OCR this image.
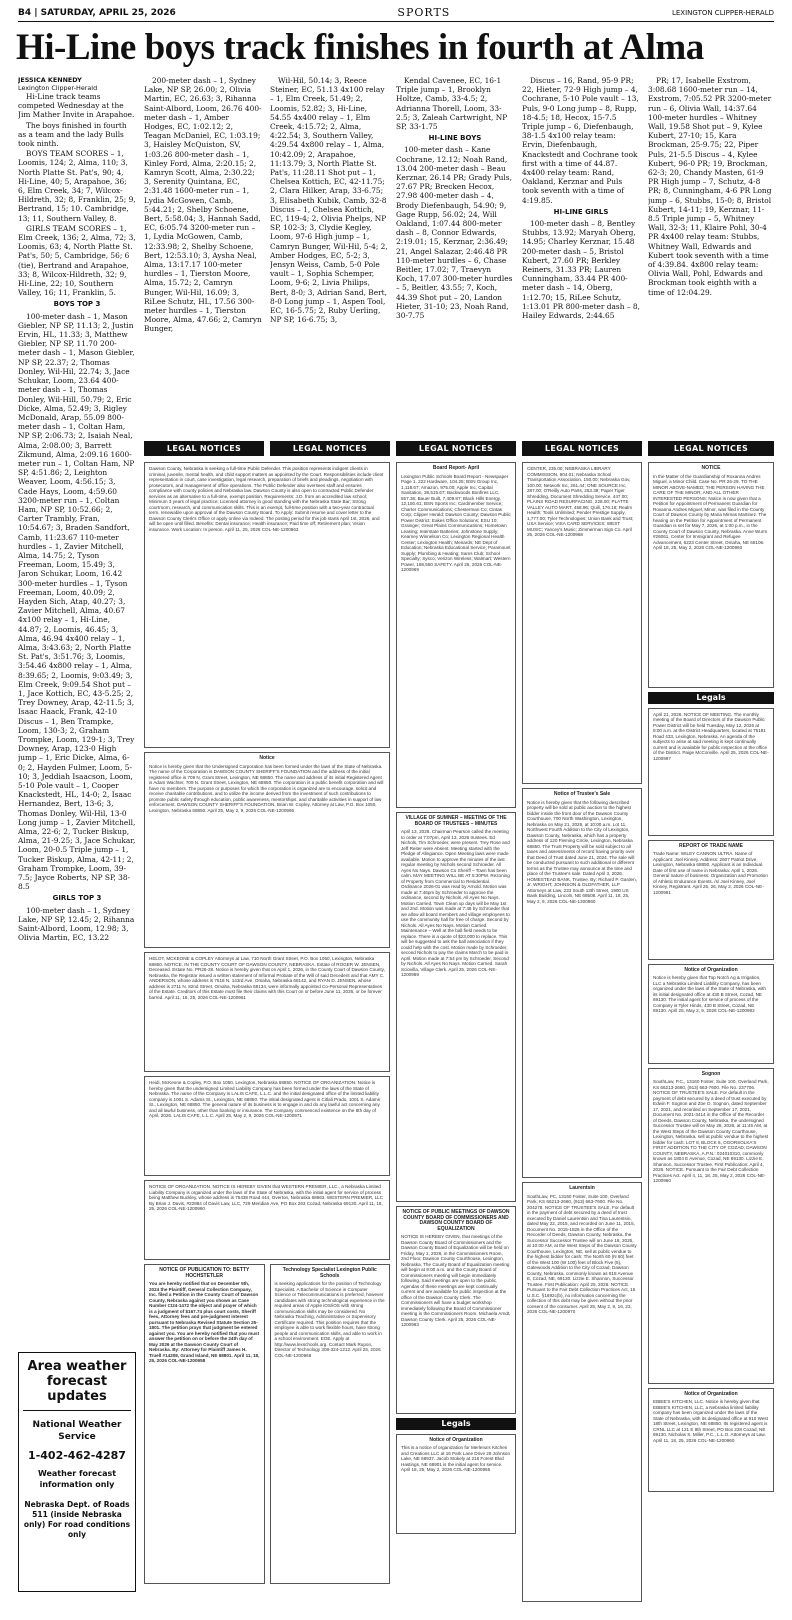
B4 | SATURDAY, APRIL 25, 2026	SPORTS	LEXINGTON CLIPPER-HERALD
Hi-Line boys track finishes in fourth at Alma
JESSICA KENNEDY
Lexington Clipper-Herald

Hi-Line track teams competed Wednesday at the Jim Mather Invite in Arapahoe.

The boys finished in fourth as a team and the lady Bulls took ninth.

BOYS TEAM SCORES – 1, Loomis, 124; 2, Alma, 110; 3, North Platte St. Pat's, 90; 4, Hi-Line, 40; 5, Arapahoe, 36; 6, Elm Creek, 34; 7, Wilcox-Hildreth, 32; 8, Franklin, 25; 9, Bertrand, 15; 10. Cambridge, 13; 11, Southern Valley, 8.

GIRLS TEAM SCORES – 1, Elm Creek, 136; 2, Alma, 72; 3, Loomis, 63; 4, North Platte St. Pat's, 50; 5, Cambridge, 56; 6 (tie), Bertrand and Arapahoe, 33; 8, Wilcox-Hildreth, 32; 9, Hi-Line, 22; 10, Southern Valley, 16; 11, Franklin, 5.

BOYS TOP 3

100-meter dash – 1, Mason Giebler, NP SP, 11.13; 2, Justin Ervin, HL, 11.33; 3, Matthew Giebler, NP SP, 11.70 200-meter dash – 1, Mason Giebler, NP SP, 22.37; 2, Thomas Donley, Wil-Hil, 22.74; 3, Jace Schukar, Loom, 23.64 400-meter dash – 1, Thomas Donley, Wil-Hill, 50.79; 2, Eric Dicke, Alma, 52.49; 3, Rigley McDonald, Arap, 55.09 800-meter dash – 1, Coltan Ham, NP SP, 2:06.73; 2, Isaiah Neal, Alma, 2:08.00; 3, Barrett Zikmund, Alma, 2:09.16 1600-meter run – 1, Coltan Ham, NP SP, 4:51.86; 2, Leighton Weaver, Loom, 4:56.15; 3, Cade Hays, Loom, 4:59.60 3200-meter run – 1, Coltan Ham, NP SP, 10:52.66; 2, Carter Trambly, Fran, 10:54.67; 3, Braden Sandfort, Camb, 11:23.67 110-meter hurdles – 1, Zavier Mitchell, Alma, 14.75; 2, Tyson Freeman, Loom, 15.49; 3, Jaron Schukar, Loom, 16.42 300-meter hurdles – 1, Tyson Freeman, Loom, 40.09; 2, Hayden Sich, Atap, 40.27; 3, Zavier Mitchell, Alma, 40.67 4x100 relay – 1, Hi-Line, 44.87; 2, Loomis, 46.45; 3, Alma, 46.94 4x400 relay – 1, Alma, 3:43.63; 2, North Platte St. Pat's, 3:51.76; 3, Loomis, 3:54.46 4x800 relay – 1, Alma, 8:39.65; 2, Loomis, 9:03.49; 3, Elm Creek, 9:09.54 Shot put – 1, Jace Kottich, EC, 43-5.25; 2, Trey Downey, Arap, 42-11.5; 3, Isaac Haack, Frank, 42-10 Discus – 1, Ben Trampke, Loom, 130-3; 2, Graham Trompke, Loom, 129-1; 3, Trey Downey, Arap, 123-0 High jump – 1, Eric Dicke, Alma, 6-0; 2, Hayden Fulmer, Loom, 5-10; 3, Jeddiah Isaacson, Loom, 5-10 Pole vault – 1, Cooper Knackstedt, HL, 14-0; 2, Isaac Hernandez, Bert, 13-6; 3, Thomas Donley, Wil-Hil, 13-0 Long jump – 1, Zavier Mitchell, Alma, 22-6; 2, Tucker Biskup, Alma, 21-9.25; 3, Jace Schukar, Loom, 20-0.5 Triple jump – 1, Tucker Biskup, Alma, 42-11; 2, Graham Trompke, Loom, 39-7.5; Jayce Roberts, NP SP, 38-8.5

GIRLS TOP 3

100-meter dash – 1, Sydney Lake, NP SP, 12.45; 2, Rihanna Saint-Albord, Loom, 12.98; 3, Olivia Martin, EC, 13.22

200-meter dash – 1, Sydney Lake, NP SP, 26.00; 2, Olivia Martin, EC, 26.63; 3, Rihanna Saint-Albord, Loom, 26.76 400-meter dash – 1, Amber Hodges, EC, 1:02.12; 2, Teagan McDaniel, EC, 1:03.19; 3, Haisley McQuiston, SV, 1:03.26 800-meter dash – 1, Kinley Ford, Alma, 2:20.15; 2, Kamryn Scott, Alma, 2:30.22; 3, Serenity Quintana, EC, 2:31.48 1600-meter run – 1, Lydia McGowen, Camb, 5:44.21; 2, Shelby Schoene, Bert, 5:58.04; 3, Hannah Sadd, EC, 6:05.74 3200-meter run – 1, Lydia McGowen, Camb, 12:33.98; 2, Shelby Schoene, Bert, 12:53.10; 3, Aysha Neal, Alma, 13:17.17 100-meter hurdles – 1, Tierston Moore, Alma, 15.72; 2, Camryn Bunger, Wil-Hil, 16.09; 3, RiLee Schutz, HL, 17.56 300-meter hurdles – 1, Tierston Moore, Alma, 47.66; 2, Camryn Bunger,

Wil-Hil, 50.14; 3, Reece Steiner, EC, 51.13 4x100 relay – 1, Elm Creek, 51.49; 2, Loomis, 52.82; 3, Hi-Line, 54.55 4x400 relay – 1, Elm Creek, 4:15.72; 2, Alma, 4:22.54; 3, Southern Valley, 4:29.54 4x800 relay – 1, Alma, 10:42.09; 2, Arapahoe, 11:13.79; 3, North Platte St. Pat's, 11:28.11 Shot put – 1, Chelsea Kottich, EC, 42-11.75; 2, Clara Hilker, Arap, 33-6.75; 3, Elisabeth Kubik, Camb, 32-8 Discus – 1, Chelsea Kottich, EC, 119-4; 2, Olivia Phelps, NP SP, 102-3; 3, Clydie Kegley, Loom, 97-6 High jump – 1, Camryn Bunger, Wil-Hil, 5-4; 2, Amber Hodges, EC, 5-2; 3, Jensyn Weiss, Camb, 5-0 Pole vault – 1, Sophia Schemper, Loom, 9-6; 2, Livia Philips, Bert, 8-0; 3, Adrian Sand, Bert, 8-0 Long jump – 1, Aspen Tool, EC, 16-5.75; 2, Ruby Uerling, NP SP, 16-6.75; 3,

Kendal Cavenee, EC, 16-1 Triple jump – 1, Brooklyn Holtze, Camb, 33-4.5; 2, Adrianna Thorell, Loom, 33-2.5; 3, Zaleah Cartwright, NP SP, 33-1.75

HI-LINE BOYS

100-meter dash – Kane Cochrane, 12.12; Noah Rand, 13.04 200-meter dash – Beau Kerznar, 26.14 PR; Grady Puls, 27.67 PR; Brecken Hecox, 27.98 400-meter dash – 4, Brody Diefenbaugh, 54.90; 9, Gage Rupp, 56.02; 24, Will Oakland, 1:07.44 800-meter dash – 8, Connor Edwards, 2:19.01; 15, Kerznar, 2:36.49; 21, Angel Salazar, 2:46.48 PR 110-meter hurdles – 6, Chase Beitler, 17.02; 7, Traevyn Koch, 17.07 300-meter hurdles – 5, Beitler, 43.55; 7, Koch, 44.39 Shot put – 20, Landon Hieter, 31-10; 23, Noah Rand, 30-7.75

Discus – 16, Rand, 95-9 PR; 22, Hieter, 72-9 High jump – 4, Cochrane, 5-10 Pole vault – 13, Puls, 9-0 Long jump – 8, Rupp, 18-4.5; 18, Hecox, 15-7.5 Triple jump – 6, Diefenbaugh, 38-1.5 4x100 relay team: Ervin, Diefenbaugh, Knackstedt and Cochrane took first with a time of 44.87. 4x400 relay team: Rand, Oakland, Kerznar and Puls took seventh with a time of 4:19.85.

HI-LINE GIRLS

100-meter dash – 8, Bentley Stubbs, 13.92; Maryah Oberg, 14.95; Charley Kerznar, 15.48 200-meter dash – 5, Bristol Kubert, 27.60 PR; Berkley Reiners, 31.33 PR; Lauren Cunningham, 33.44 PR 400-meter dash – 14, Oberg, 1:12.70; 15, RiLee Schutz, 1:13.01 PR 800-meter dash – 8, Hailey Edwards, 2:44.65

PR; 17, Isabelle Exstrom, 3:08.68 1600-meter run – 14, Exstrom, 7:05.52 PR 3200-meter run – 6, Olivia Wall, 14:37.64 100-meter hurdles – Whitney Wall, 19.58 Shot put – 9, Kylee Kubert, 27-10; 15, Kara Brockman, 25-9.75; 22, Piper Puls, 21-5.5 Discus – 4, Kylee Kubert, 96-0 PR; 19, Brockman, 62-3; 20, Chandy Masten, 61-9 PR High jump – 7, Schutz, 4-8 PR; 8, Cunningham, 4-6 PR Long jump – 6, Stubbs, 15-0; 8, Bristol Kubert, 14-11; 19, Kerznar, 11-8.5 Triple jump – 5, Whitney Wall, 32-3; 11, Klaire Pohl, 30-4 PR 4x400 relay team: Stubbs, Whitney Wall, Edwards and Kubert took seventh with a time of 4:39.84. 4x800 relay team: Olivia Wall, Pohl, Edwards and Brockman took eighth with a time of 12:04.29.

LEGAL NOTICES	LEGAL NOTICES	LEGAL NOTICES	LEGAL NOTICES	LEGAL NOTICES
Dawson County, Nebraska is seeking a full-time Public Defender. This position represents indigent clients in criminal, juvenile, mental health, and child support matters as appointed by the Court. Responsibilities include client representation in court, case investigation, legal research, preparation of briefs and pleadings, negotiation with prosecutors, and management of office operations. The Public Defender also oversees staff and ensures compliance with county policies and Nebraska law. Dawson County is also open to contracted Public Defender services as an alternative to a full-time, exempt position. Requirements: J.D. from an accredited law school; Minimum 3 years of legal practice; Licensed attorney in good standing with the Nebraska State Bar; Strong courtroom, research, and communication skills. This is an exempt, full-time position with a two-year contractual term, renewable upon approval of the Dawson County Board. To Apply: Submit resume and cover letter to the Dawson County Clerk's Office or apply online via Indeed. The posting period for this job starts April 1st, 2026, and will be open until filled. Benefits: Dental insurance; Health insurance; Paid time off; Retirement plan; Vision insurance. Work Location: In person. April 11, 25, 2026 COL-NE-1200963
Notice
Notice is hereby given that the Undersigned Corporation has been formed under the laws of the State of Nebraska. The name of the Corporation is DAWSON COUNTY SHERIFF'S FOUNDATION and the address of the initial registered office is 709 N. Grant Street, Lexington, NE 68850. The name and address of its initial Registered Agent is Adam Wachter, 709 N. Grant Street, Lexington, NE 68850. The corporation is a public benefit corporation and will have no members. The purpose or purposes for which the corporation is organized are to encourage, solicit and receive charitable contributions, and to utilize the income derived from the investment of such contributions to promote public safety through education, public awareness, mentorships, and charitable activities in support of law enforcement. DAWSON COUNTY SHERIFF'S FOUNDATION. Brian W. Copley, Attorney at Law, P.O. Box 1050, Lexington, Nebraska 68850. April 25, May 2, 9, 2026 COL-NE-1200966
HELOT, MCKEONE & COPLEY Attorneys at Law, 710 North Grant Street, P.O. Box 1050, Lexington, Nebraska 68850. NOTICE. IN THE COUNTY COURT OF DAWSON COUNTY, NEBRASKA. Estate of ROGER W. JENSEN, Deceased. Estate No. PR26-28. Notice is hereby given that on April 1, 2026, in the County Court of Dawson County, Nebraska, the Registrar issued a written statement of Informal Probate of the Will of said Decedent and that AMY C. ANDERSON, whose address is 7518 N. 143rd Ave. Omaha, Nebraska 68142, and RYAN D. JENSEN, whose address is 2711 N. 82nd Street, Omaha, Nebraska 68134, were informally appointed Co-Personal Representatives of the Estate. Creditors of this Estate must file their claims with this Court on or before June 11, 2026, or be forever barred. April 11, 18, 25, 2026 COL-NE-1200961
Heidi, McKeone & Copley, P.O. Box 1050, Lexington, Nebraska 68850. NOTICE OF ORGANIZATION. Notice is hereby given that the undersigned Limited Liability Company has been formed under the laws of the State of Nebraska. The name of the Company is LALIS CAFE, L.L.C. and the initial designated office of the limited liability company is 1001 S. Adams St., Lexington, NE 68850. The initial designated agent is Citlali Prado, 1001 S. Adams St., Lexington, NE 68850. The general nature of its business is to engage in and do any lawful act concerning any and all lawful business, other than banking or insurance. The Company commenced existence on the 8th day of April, 2026. LALIS CAFE, L.L.C. April 25, May 2, 9, 2026 COL-NE-1200971
NOTICE OF ORGANIZATION. NOTICE IS HEREBY GIVEN that WESTERN PREMIER, LLC., a Nebraska Limited Liability Company is organized under the laws of the State of Nebraska, with the initial agent for service of process being Matthew Buckley, whose address is 75438 Road 444, Overton, Nebraska 68863. WESTERN PREMIER, LLC By Brian J. Davis, #22884 of Davis Law, LLC, 729 Meridian Ave, PO Box 263 Cozad, Nebraska 69130. April 11, 18, 25, 2026 COL-NE-1200960
NOTICE OF PUBLICATION TO: BETTY HOCHSTETLER
You are hereby notified that on December 5th, 2024 the Plaintiff, General Collection Company, Inc. filed a Petition in the County Court of Dawson County, Nebraska against you shown as Case Number CI24-1472 the object and prayer of which is a judgment of $167.74 plus court costs, Sheriff fees, Attorney fees and pre-judgment interest pursuant to Nebraska Revised Statute Section 25-1801. The petition prays that judgment be entered against you. You are hereby notified that you must answer the petition on or before the 24th day of May 2026 at the Dawson County Court of Nebraska. By: Attorney for Plaintiff James H. Truell #14208, Grand Island, NE 68801. April 11, 18, 25, 2026 COL-NE-1200958
Technology Specialist Lexington Public Schools
is seeking applications for the position of Technology Specialist. A Bachelor of Science in Computer Science or Telecommunications is preferred, however candidates with strong technological experience in the required areas of Apple iOS/iOS with strong communication skills may be considered. No Nebraska Teaching, Administrative or Supervisory Certificate required. This position requires that the employee is able to work flexible hours, have strong people and communication skills, and able to work in a school environment. EOE. Apply at http://www.lexschools.org. Contact Mark Rupon, Director of Technology 308-324-1212. April 25, 2026 COL-NE-1200966
Board Report- April
Lexington Public Schools Board Report - Newspaper Page 1. 222 Hardware, 104.25; BSN Group Inc, 1,118.67; Amazon, 975.00; Apple Inc, Capital Sanitation, 38,515.67; Backwoods Bonfires LLC, 557.36; Bauer Built, 7,409.87; Black Hills Energy, 12,150.61; BSN Sports Inc; Cardmember Service; Charter Communications; Chesterman Co; Cintas Corp; Clipper Herald; Dawson County; Dawson Public Power District; Eakes Office Solutions; ESU 10; Grainger; Great Plains Communications; Hometown Leasing; Interstate Batteries; Johnstone Supply; Kearney Winnelson Co; Lexington Regional Health Center; Lexington Health; Menards; NE Dept of Education; Nebraska Educational Service; Paramount Supply; Plumbing & Heating; Sams Club; School Specialty; Sysco; Verizon Wireless; Walmart; Western Power, 168,550 SAFETY. April 25, 2026 COL-NE-1200969
VILLAGE OF SUMNER – MEETING OF THE BOARD OF TRUSTEES – MINUTES
April 13, 2026. Chairman Pearson called the meeting to order at 7:07pm, April 13, 2026 trustees. Ed Nichols, Tim Schroeder, were present. Trey Rose and Jeff Reiter were Absent. Meeting started with the Pledge of Allegiance. Open Meeting laws were made available. Motion to approve the minutes of the last regular meeting by Nichols second Schroeder. All Ayes No Nays. Dawson Co Sheriff – Town has been calm. MAY MEETING WILL BE AT 5:30PM. Rezoning of Property from Commercial to Residential. Ordinance 2026-01 was read by Arnold. Motion was made at 7:46pm by Schroeder to approve the ordinance, second by Nichols. All Ayes No Nays. Motion Carried. Town Clean up days will be May 1st and 2nd. Motion was made at 7:48 by Schroeder that we allow all board members and village employees to use the community hall for free of charge. Second by Nichols. All Ayes No Nays. Motion Carried. Maintenance – Well at the ball field needs to be replace. There is a quote of $23,000 to replace. This will be suggested to ask the ball association if they could help with the cost. Motion made by Schroeder, second Nichols to pay the claims March to be paid in April. Motion made at 7:54 pm by Schroeder, Second by Nichols. All Ayes No Nays. Motion Carried. Sarah Sciovilla, Village Clerk. April 25, 2026 COL-NE-1200969
NOTICE OF PUBLIC MEETINGS OF DAWSON COUNTY BOARD OF COMMISSIONERS AND DAWSON COUNTY BOARD OF EQUALIZATION
NOTICE IS HEREBY GIVEN, that meetings of the Dawson County Board of Commissioners and the Dawson County Board of Equalization will be held on Friday, May 1, 2026, in the Commissioners Room, 2nd Floor, Dawson County Courthouse, Lexington, Nebraska. The County Board of Equalization meeting will begin at 9:00 a.m. and the County Board of Commissioners meeting will begin immediately following. Said meetings are open to the public. Agendas of these meetings are kept continually current and are available for public inspection at the office of the Dawson County Clerk. The Commissioners will have a budget workshop immediately following the Board of Commissioner meeting in the Commissioners Room. Michaela Arndt, Dawson County Clerk. April 25, 2026 COL-NE-1200963
Legals
Notice of Organization
This is a notice of organization for Merlena's Kitchen and Creations LLC at 16 Park Lane Drive 28 Johnson Lake, NE 68937. Jacob Stokely at 216 Forest Blvd Hastings, NE 68901 is the initial agent for service. April 18, 25, May 2, 2026 COL-NE-1200965
CENTER, 235.00; NEBRASKA LIBRARY COMMISSION, 904.01; Nebraska School Transportation Association, 150.00; Nebraska Gov, 100.00; Network Inc, 261.44; ONE SOURCE Inc, 287.00; O'Reilly Auto Parts, 263.39; Paper Tiger Shredding, Document Shredding Service, 447.00; PLAINS ROAD RESURFACING, 228.00; PLATTE VALLEY AUTO MART, 458.96; Quill, 176.18; Realm Health; Tools Unlimited; Pender Prestige Supply, 1,777.00; Tyler Technologies; Union Bank and Trust; USA Service; VISA CARD SERVICES; WEST MUSIC; Yancey's Music; Zimmerman Sign Co. April 25, 2026 COL-NE-1200968
Notice of Trustee's Sale
Notice is hereby given that the following described property will be sold at public auction to the highest bidder inside the front door of the Dawson County Courthouse, 700 North Washington, Lexington, Nebraska on May 21, 2026, at 10:00 a.m. Lot 11, Northwest Fourth Addition to the City of Lexington, Dawson County, Nebraska, which has a property address of 120 Fleming Circle, Lexington, Nebraska 68850. The Trust Property will be sold subject to all taxes and assessments of record having priority over that Deed of Trust dated June 21, 2024. The sale will be conducted pursuant to such additional or different terms as the Trustee may announce at the time and place of the Trustee's sale. Dated April 3, 2026. HOMESTEAD BANK, Trustee. By: Richard P. Garden, Jr. WRIGHT, JOHNSON & OLDFATHER, LLP Attorneys at Law, 233 South 13th Street, 1900 US Bank Building, Lincoln, NE 68508. April 11, 18, 25, May 2, 9, 2026 COL-NE-1200960
Laurentsin
SouthLaw, PC, 13160 Foster, Suite 100, Overland Park, KS 66213-2660, (913) 663-7600. File No. 204278. NOTICE OF TRUSTEE'S SALE. For default in the payment of debt secured by a deed of trust executed by Daniel Laurentsin and Tina Laurentsin, dated May 22, 2015, and recorded on June 11, 2015, Document No. 2015-1826 in the Office of the Recorder of Deeds, Dawson County, Nebraska, the Successor Successor Trustee will on June 18, 2026, at 10:00 AM, at the West Steps of the Dawson County Courthouse, Lexington, NE, sell at public vendue to the highest bidder for cash: The North 60 (N 60) feet of the West 100 (W 100) feet of Block Five (5), Gatewoods Addition to the City of Cozad, Dawson County, Nebraska, commonly known as 818 Avenue E, Cozad, NE, 69130. Lizzie E. Shannon, Successor Trustee. First Publication: April 25, 2026. NOTICE. Pursuant to the Fair Debt Collection Practices Act, 15 U.S.C. §1692c(b), no information concerning the collection of this debt may be given without the prior consent of the consumer. April 25, May 2, 9, 16, 23, 2026 COL-NE-1200970
NOTICE
In the Matter of the Guardianship of Roxanna Andres Miguel, a Minor Child. Case No. PR 26-29. TO THE MINOR ABOVE-NAMED; THE PERSON HAVING THE CARE OF THE MINOR; AND ALL OTHER INTERESTED PERSONS: Notice is now given that a Petition for Appointment of Permanent Guardian for Roxanna Andres Miguel, Minor, was filed in the County Court of Dawson County by Maria Mirnas Martinez. The hearing on the Petition for Appointment of Permanent Guardian is set for May 7, 2026, at 1:00 p.m., in the County Court of Dawson County, Nebraska. Anne Wurm #26061, Center for Immigrant and Refugee Advancement, 6223 Center Street, Omaha, NE 68106. April 18, 25, May 2, 2026 COL-NE-1200960
Legals
April 21, 2026. NOTICE OF MEETING. The monthly meeting of the Board of Directors of the Dawson Public Power District will be held Tuesday, May 12, 2026 at 9:00 a.m. at the District Headquarters, located at 75191 Road 433, Lexington, Nebraska. An agenda of the subjects to arise at said meeting is kept continually current and is available for public inspection at the office of the District. Paige McConville. April 25, 2026 COL-NE-1200997
REPORT OF TRADE NAME
Trade Name: WILEY CANNON ULTRA. Name of Applicant: Joel Kinney. Address: 2607 Patriot Drive, Lexington, Nebraska 68850. Applicant is an Individual. Date of first use of name in Nebraska: April 1, 2026. General nature of business: Organization and Promotion of Athletic Endurance Events. /s/ Joel Kinney, Joel Kinney, Registrant. April 25, 26, May 2, 2026 COL-NE-1200991
Notice of Organization
Notice is hereby given that Top Notch Ag & Irrigation, LLC a Nebraska Limited Liability Company, has been organized under the laws of the State of Nebraska, with its initial designated office at 430 B Street, Cozad, NE 69130. The initial agent for service of process of the Company is Tyler Hinds, 430 B Street, Cozad, NE 69130. April 25, May 2, 9, 2026 COL-NE-1200992
Sognon
SouthLaw, P.C., 13160 Foster, Suite 100, Overland Park, KS 66213-2660, (913) 663-7600. File No. 237706. NOTICE OF TRUSTEE'S SALE. For default in the payment of debt secured by a deed of trust executed by Edwin F. Sognon and Zoe O. Sognon, dated September 17, 2021, and recorded on September 17, 2021, Document No. 2021-3414 in the Office of the Recorder of Deeds, Dawson County, Nebraska, the undersigned Successor Trustee will on May 28, 2026, at 11:45 AM, at the West Steps of the Dawson County Courthouse, Lexington, Nebraska, sell at public vendue to the highest bidder for cash: LOT 8, BLOCK 6, OGORSOLKA'S FIRST ADDITION TO THE CITY OF COZAD, DAWSON COUNTY, NEBRASKA, A.P.N.: 024010310, commonly known as 1804 E Avenue, Cozad, NE 69130. Lizzie E. Shannon, Successor Trustee. First Publication: April 4, 2026. NOTICE. Pursuant to the Fair Debt Collection Practices Act. April 4, 11, 18, 25, May 2, 2026 COL-NE-1200960
Notice of Organization
EBBIE'S KITCHEN, LLC. Notice is hereby given that EBBIE'S KITCHEN, LLC, a Nebraska limited liability company has been organized under the laws of the State of Nebraska, with its designated office at 910 West 18th Street, Lexington, NE 68850. Its registered agent is CRNL LLC at 121 E 8th Street, PO Box 228 Cozad, NE 69130. Nicholas S. Miller, P.C., L.L.O. Attorneys at Law. April 11, 18, 25, 2026 COL-NE-1200960
Area weather forecast updates
National Weather Service
1-402-462-4287
Weather forecast information only
Nebraska Dept. of Roads 511 (inside Nebraska only) For road conditions only
